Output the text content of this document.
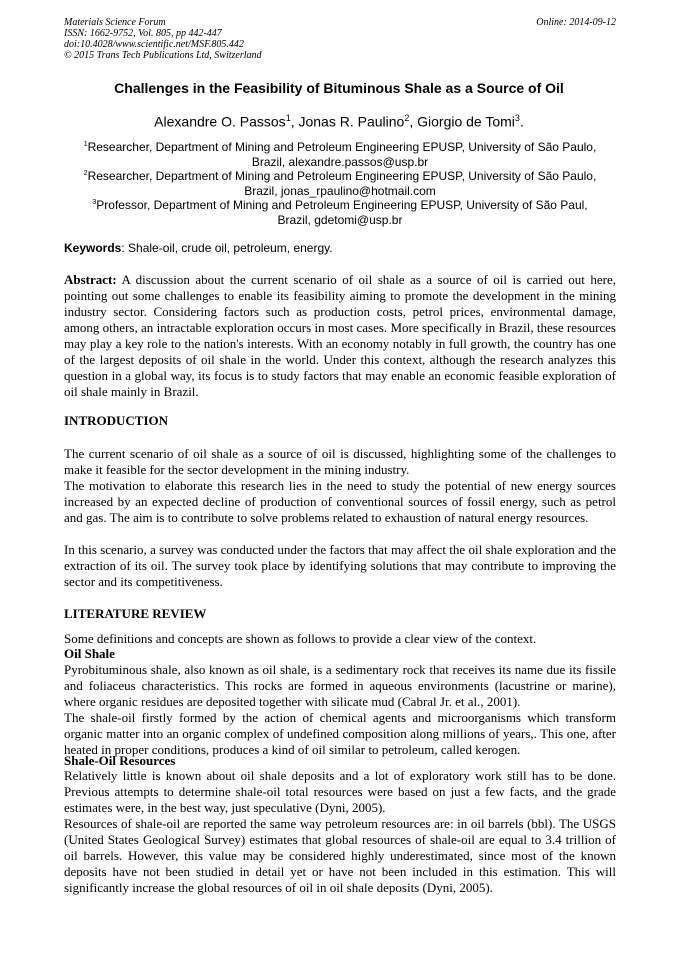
Materials Science Forum
ISSN: 1662-9752, Vol. 805, pp 442-447
doi:10.4028/www.scientific.net/MSF.805.442
© 2015 Trans Tech Publications Ltd, Switzerland
Online: 2014-09-12
Challenges in the Feasibility of Bituminous Shale as a Source of Oil
Alexandre O. Passos$^1$, Jonas R. Paulino$^2$, Giorgio de Tomi$^3$.
$^1$Researcher, Department of Mining and Petroleum Engineering EPUSP, University of São Paulo,
Brazil, alexandre.passos@usp.br
$^2$Researcher, Department of Mining and Petroleum Engineering EPUSP, University of São Paulo,
Brazil, jonas_rpaulino@hotmail.com
$^3$Professor, Department of Mining and Petroleum Engineering EPUSP, University of São Paul,
Brazil, gdetomi@usp.br
Keywords: Shale-oil, crude oil, petroleum, energy.

Abstract: A discussion about the current scenario of oil shale as a source of oil is carried out here, pointing out some challenges to enable its feasibility aiming to promote the development in the mining industry sector. Considering factors such as production costs, petrol prices, environmental damage, among others, an intractable exploration occurs in most cases. More specifically in Brazil, these resources may play a key role to the nation's interests. With an economy notably in full growth, the country has one of the largest deposits of oil shale in the world. Under this context, although the research analyzes this question in a global way, its focus is to study factors that may enable an economic feasible exploration of oil shale mainly in Brazil.

INTRODUCTION

The current scenario of oil shale as a source of oil is discussed, highlighting some of the challenges to make it feasible for the sector development in the mining industry.

The motivation to elaborate this research lies in the need to study the potential of new energy sources increased by an expected decline of production of conventional sources of fossil energy, such as petrol and gas. The aim is to contribute to solve problems related to exhaustion of natural energy resources.

In this scenario, a survey was conducted under the factors that may affect the oil shale exploration and the extraction of its oil. The survey took place by identifying solutions that may contribute to improving the sector and its competitiveness.

LITERATURE REVIEW

Some definitions and concepts are shown as follows to provide a clear view of the context.

Oil Shale

Pyrobituminous shale, also known as oil shale, is a sedimentary rock that receives its name due its fissile and foliaceus characteristics. This rocks are formed in aqueous environments (lacustrine or marine), where organic residues are deposited together with silicate mud (Cabral Jr. et al., 2001).

The shale-oil firstly formed by the action of chemical agents and microorganisms which transform organic matter into an organic complex of undefined composition along millions of years,. This one, after heated in proper conditions, produces a kind of oil similar to petroleum, called kerogen.

Shale-Oil Resources

Relatively little is known about oil shale deposits and a lot of exploratory work still has to be done. Previous attempts to determine shale-oil total resources were based on just a few facts, and the grade estimates were, in the best way, just speculative (Dyni, 2005).

Resources of shale-oil are reported the same way petroleum resources are: in oil barrels (bbl). The USGS (United States Geological Survey) estimates that global resources of shale-oil are equal to 3.4 trillion of oil barrels. However, this value may be considered highly underestimated, since most of the known deposits have not been studied in detail yet or have not been included in this estimation. This will significantly increase the global resources of oil in oil shale deposits (Dyni, 2005).
